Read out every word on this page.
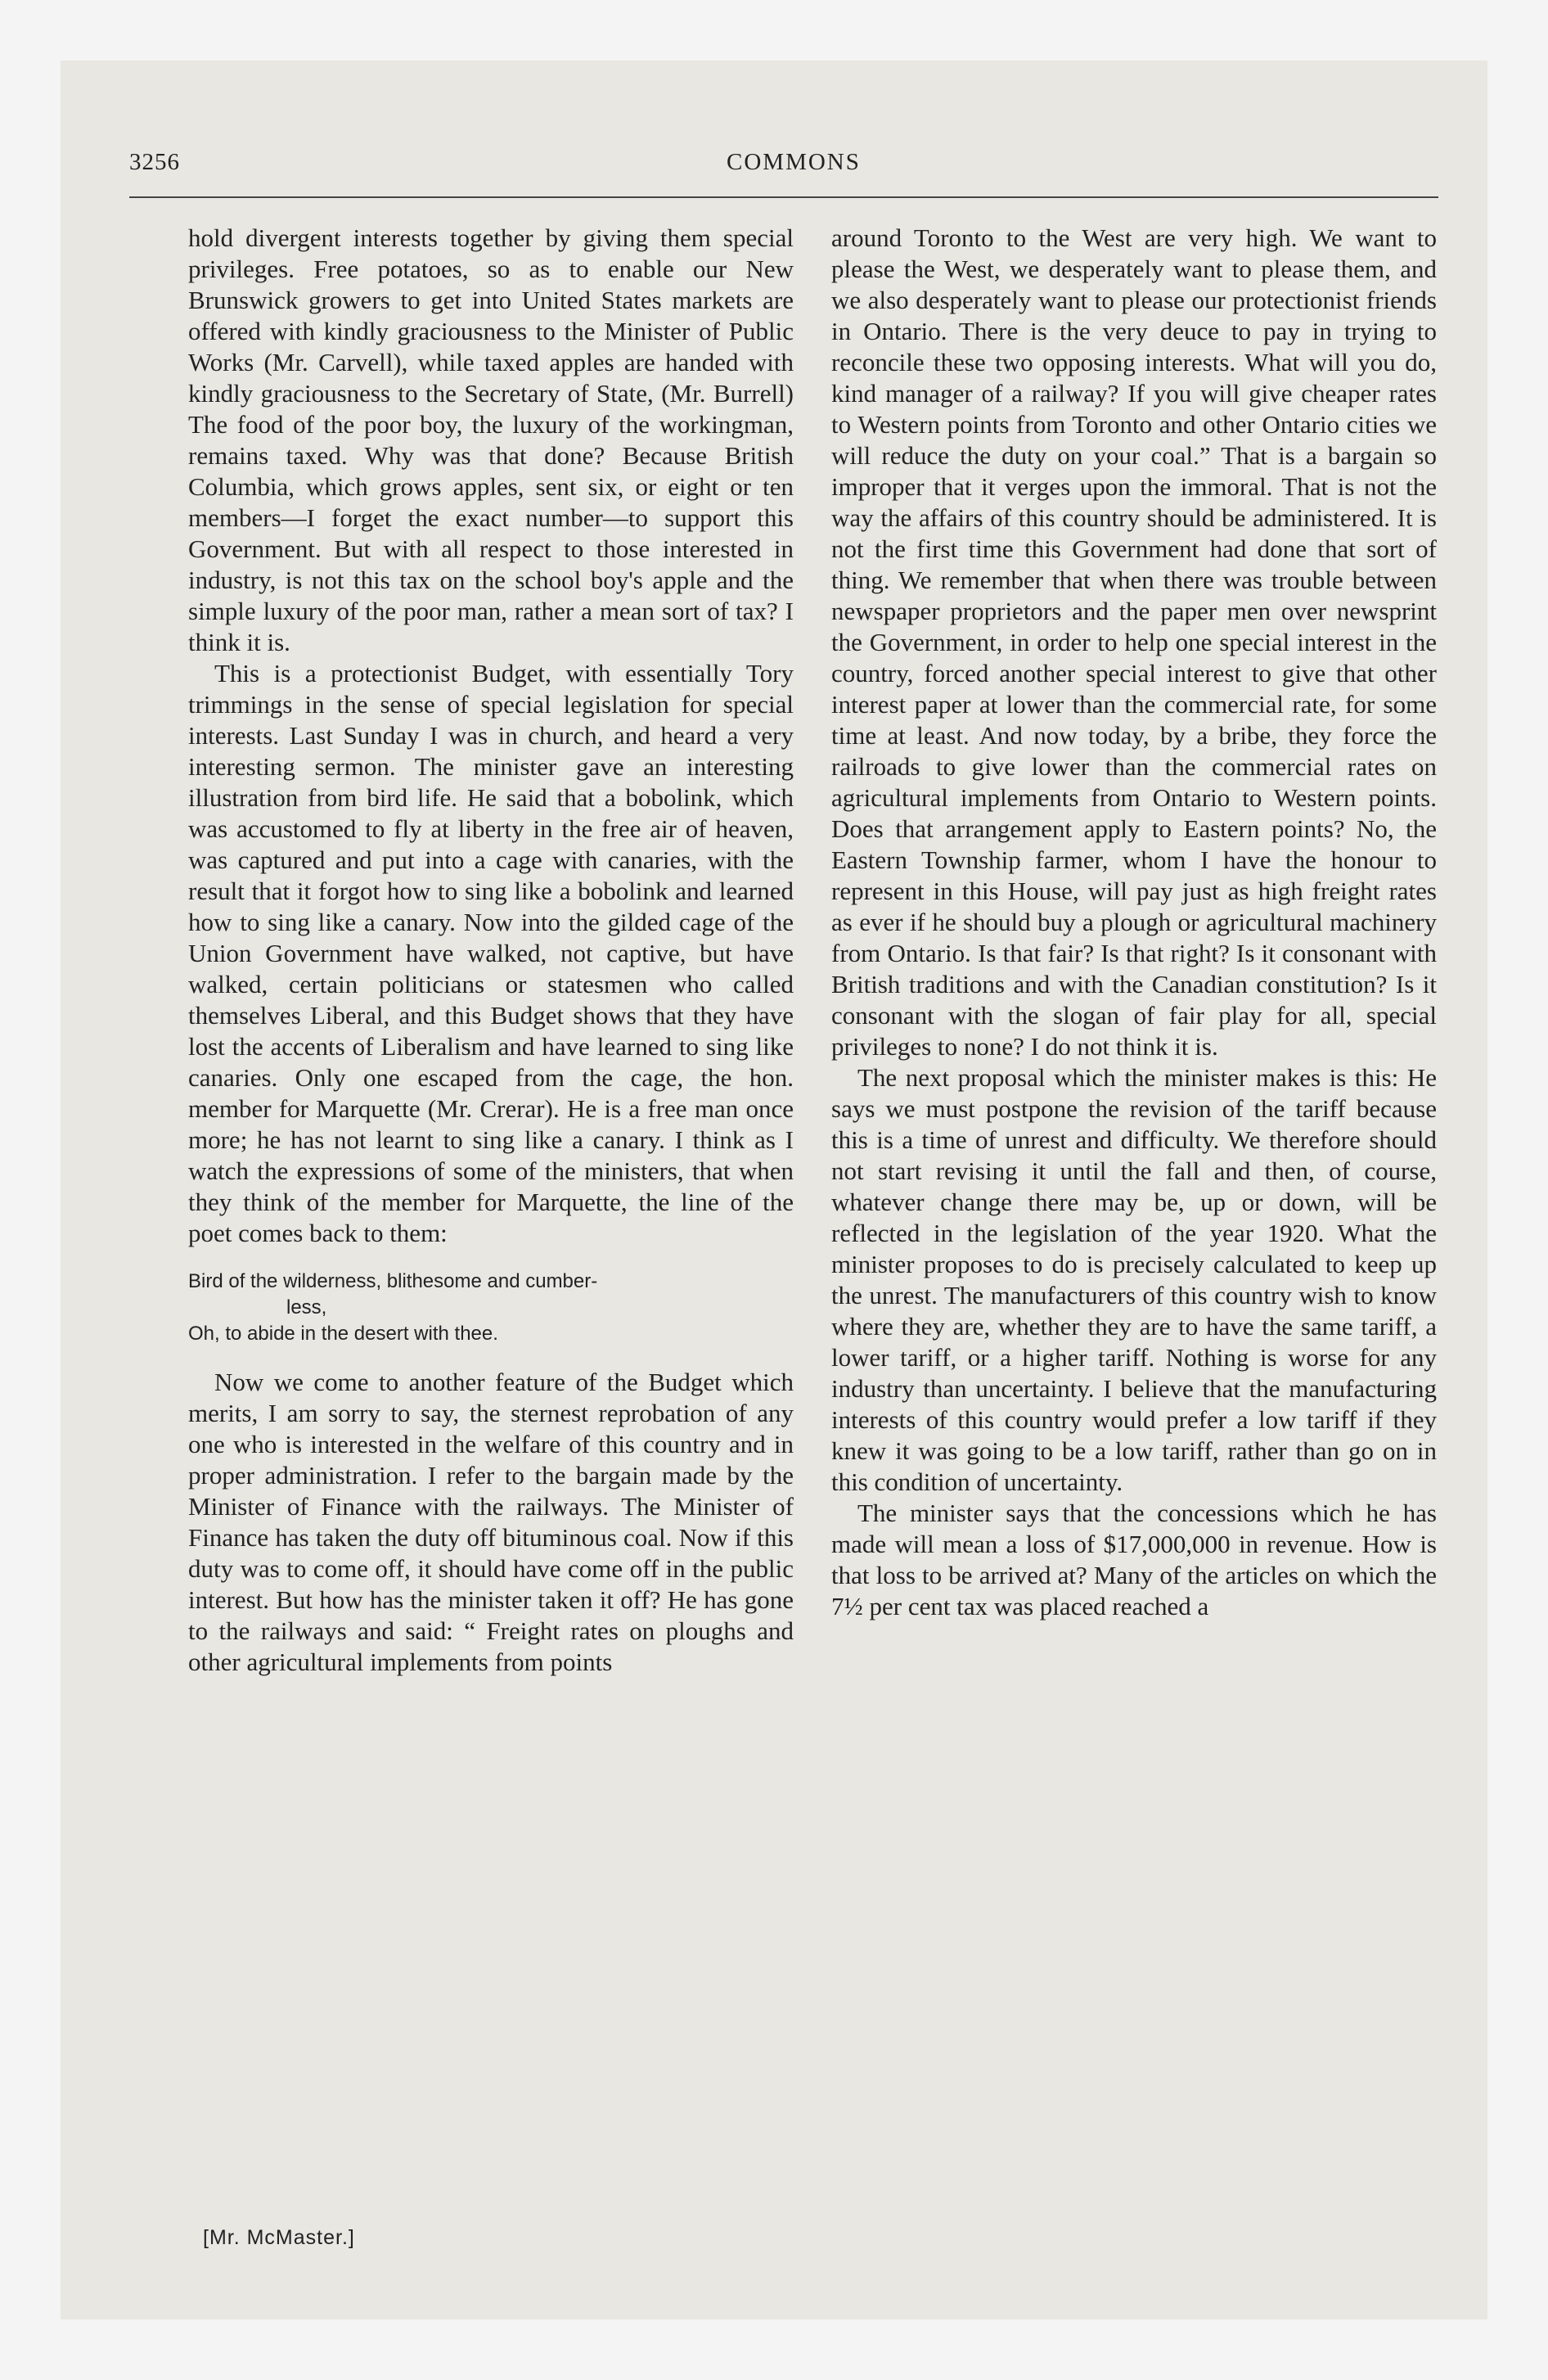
3256	COMMONS

hold divergent interests together by giving them special privileges. Free potatoes, so as to enable our New Brunswick growers to get into United States markets are offered with kindly graciousness to the Minister of Public Works (Mr. Carvell), while taxed apples are handed with kindly graciousness to the Secretary of State, (Mr. Burrell) The food of the poor boy, the luxury of the workingman, remains taxed. Why was that done? Because British Columbia, which grows apples, sent six, or eight or ten members—I forget the exact number—to support this Government. But with all respect to those interested in industry, is not this tax on the school boy's apple and the simple luxury of the poor man, rather a mean sort of tax? I think it is.

This is a protectionist Budget, with essentially Tory trimmings in the sense of special legislation for special interests. Last Sunday I was in church, and heard a very interesting sermon. The minister gave an interesting illustration from bird life. He said that a bobolink, which was accustomed to fly at liberty in the free air of heaven, was captured and put into a cage with canaries, with the result that it forgot how to sing like a bobolink and learned how to sing like a canary. Now into the gilded cage of the Union Government have walked, not captive, but have walked, certain politicians or statesmen who called themselves Liberal, and this Budget shows that they have lost the accents of Liberalism and have learned to sing like canaries. Only one escaped from the cage, the hon. member for Marquette (Mr. Crerar). He is a free man once more; he has not learnt to sing like a canary. I think as I watch the expressions of some of the ministers, that when they think of the member for Marquette, the line of the poet comes back to them:

Bird of the wilderness, blithesome and cumber-
less,
Oh, to abide in the desert with thee.

Now we come to another feature of the Budget which merits, I am sorry to say, the sternest reprobation of any one who is interested in the welfare of this country and in proper administration. I refer to the bargain made by the Minister of Finance with the railways. The Minister of Finance has taken the duty off bituminous coal. Now if this duty was to come off, it should have come off in the public interest. But how has the minister taken it off? He has gone to the railways and said: “ Freight rates on ploughs and other agricultural implements from points

around Toronto to the West are very high. We want to please the West, we desperately want to please them, and we also desperately want to please our protectionist friends in Ontario. There is the very deuce to pay in trying to reconcile these two opposing interests. What will you do, kind manager of a railway? If you will give cheaper rates to Western points from Toronto and other Ontario cities we will reduce the duty on your coal.” That is a bargain so improper that it verges upon the immoral. That is not the way the affairs of this country should be administered. It is not the first time this Government had done that sort of thing. We remember that when there was trouble between newspaper proprietors and the paper men over newsprint the Government, in order to help one special interest in the country, forced another special interest to give that other interest paper at lower than the commercial rate, for some time at least. And now today, by a bribe, they force the railroads to give lower than the commercial rates on agricultural implements from Ontario to Western points. Does that arrangement apply to Eastern points? No, the Eastern Township farmer, whom I have the honour to represent in this House, will pay just as high freight rates as ever if he should buy a plough or agricultural machinery from Ontario. Is that fair? Is that right? Is it consonant with British traditions and with the Canadian constitution? Is it consonant with the slogan of fair play for all, special privileges to none? I do not think it is.

The next proposal which the minister makes is this: He says we must postpone the revision of the tariff because this is a time of unrest and difficulty. We therefore should not start revising it until the fall and then, of course, whatever change there may be, up or down, will be reflected in the legislation of the year 1920. What the minister proposes to do is precisely calculated to keep up the unrest. The manufacturers of this country wish to know where they are, whether they are to have the same tariff, a lower tariff, or a higher tariff. Nothing is worse for any industry than uncertainty. I believe that the manufacturing interests of this country would prefer a low tariff if they knew it was going to be a low tariff, rather than go on in this condition of uncertainty.

The minister says that the concessions which he has made will mean a loss of $17,000,000 in revenue. How is that loss to be arrived at? Many of the articles on which the 7½ per cent tax was placed reached a

[Mr. McMaster.]
